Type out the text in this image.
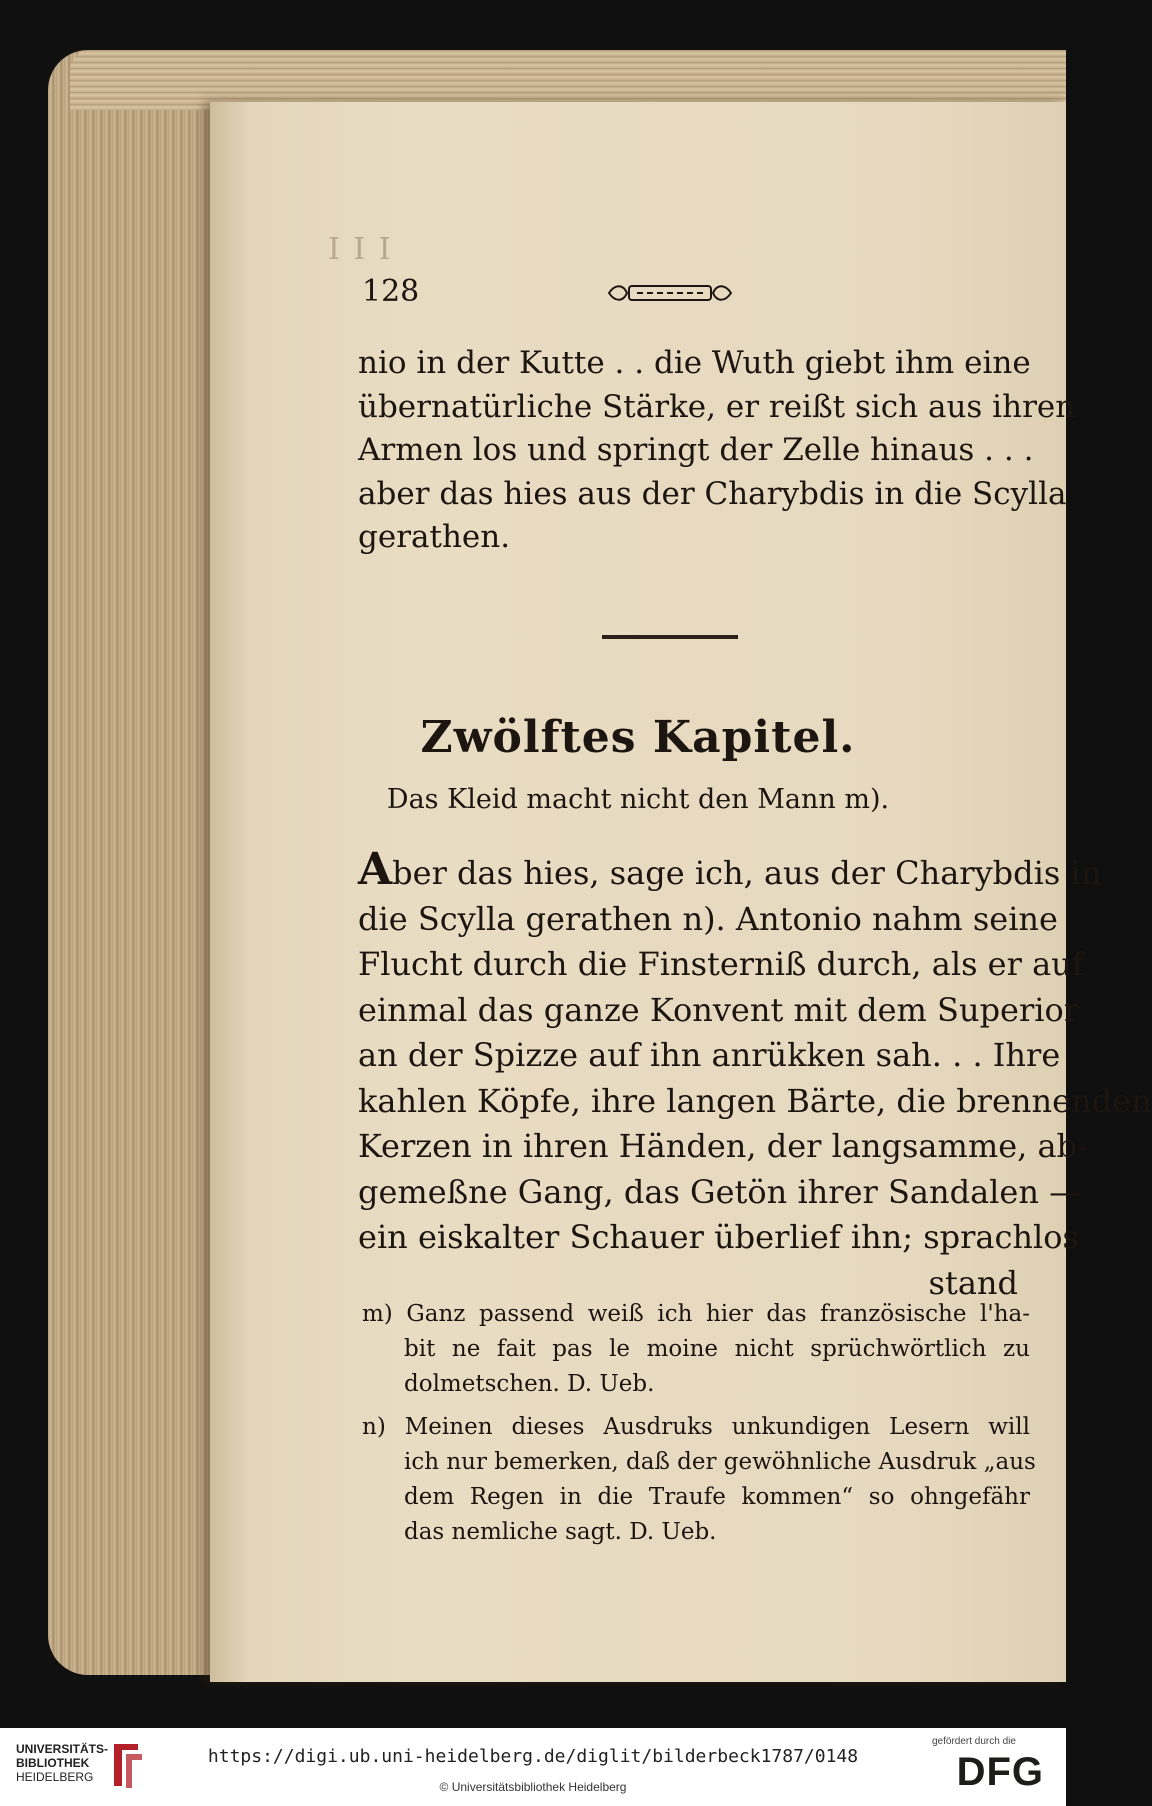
I I I
128
nio in der Kutte . . die Wuth giebt ihm eine
übernatürliche Stärke, er reißt sich aus ihren
Armen los und springt der Zelle hinaus . . .
aber das hies aus der Charybdis in die Scylla
gerathen.
Zwölftes Kapitel.
Das Kleid macht nicht den Mann m).
Aber das hies, sage ich, aus der Charybdis in
die Scylla gerathen n). Antonio nahm seine
Flucht durch die Finsterniß durch, als er auf
einmal das ganze Konvent mit dem Superior
an der Spizze auf ihn anrükken sah. . . Ihre
kahlen Köpfe, ihre langen Bärte, die brennenden
Kerzen in ihren Händen, der langsamme, ab-
gemeßne Gang, das Getön ihrer Sandalen —
ein eiskalter Schauer überlief ihn; sprachlos
stand
m) Ganz passend weiß ich hier das französische l'ha-
bit ne fait pas le moine nicht sprüchwörtlich zu
dolmetschen. D. Ueb.
n) Meinen dieses Ausdruks unkundigen Lesern will
ich nur bemerken, daß der gewöhnliche Ausdruk „aus
dem Regen in die Traufe kommen“ so ohngefähr
das nemliche sagt. D. Ueb.
UNIVERSITÄTS-
BIBLIOTHEK
HEIDELBERG
https://digi.ub.uni-heidelberg.de/diglit/bilderbeck1787/0148
© Universitätsbibliothek Heidelberg
gefördert durch die
DFG
